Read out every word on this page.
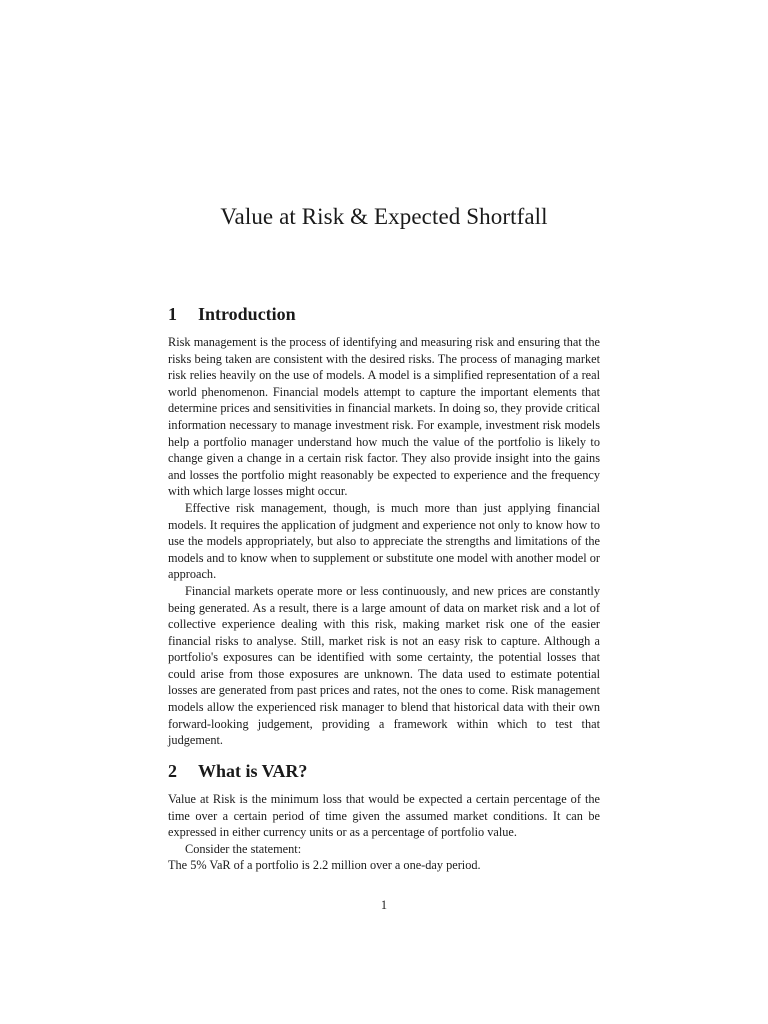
Value at Risk & Expected Shortfall
1 Introduction

Risk management is the process of identifying and measuring risk and ensuring that the risks being taken are consistent with the desired risks. The process of managing market risk relies heavily on the use of models. A model is a simplified representation of a real world phenomenon. Financial models attempt to capture the important elements that determine prices and sensitivities in financial markets. In doing so, they provide critical information necessary to manage investment risk. For example, investment risk models help a portfolio manager understand how much the value of the portfolio is likely to change given a change in a certain risk factor. They also provide insight into the gains and losses the portfolio might reasonably be expected to experience and the frequency with which large losses might occur.

Effective risk management, though, is much more than just applying financial models. It requires the application of judgment and experience not only to know how to use the models appropriately, but also to appreciate the strengths and limitations of the models and to know when to supplement or substitute one model with another model or approach.

Financial markets operate more or less continuously, and new prices are constantly being generated. As a result, there is a large amount of data on market risk and a lot of collective experience dealing with this risk, making market risk one of the easier financial risks to analyse. Still, market risk is not an easy risk to capture. Although a portfolio's exposures can be identified with some certainty, the potential losses that could arise from those exposures are unknown. The data used to estimate potential losses are generated from past prices and rates, not the ones to come. Risk management models allow the experienced risk manager to blend that historical data with their own forward-looking judgement, providing a framework within which to test that judgement.

2 What is VAR?

Value at Risk is the minimum loss that would be expected a certain percentage of the time over a certain period of time given the assumed market conditions. It can be expressed in either currency units or as a percentage of portfolio value.

Consider the statement:

The 5% VaR of a portfolio is 2.2 million over a one-day period.

1
